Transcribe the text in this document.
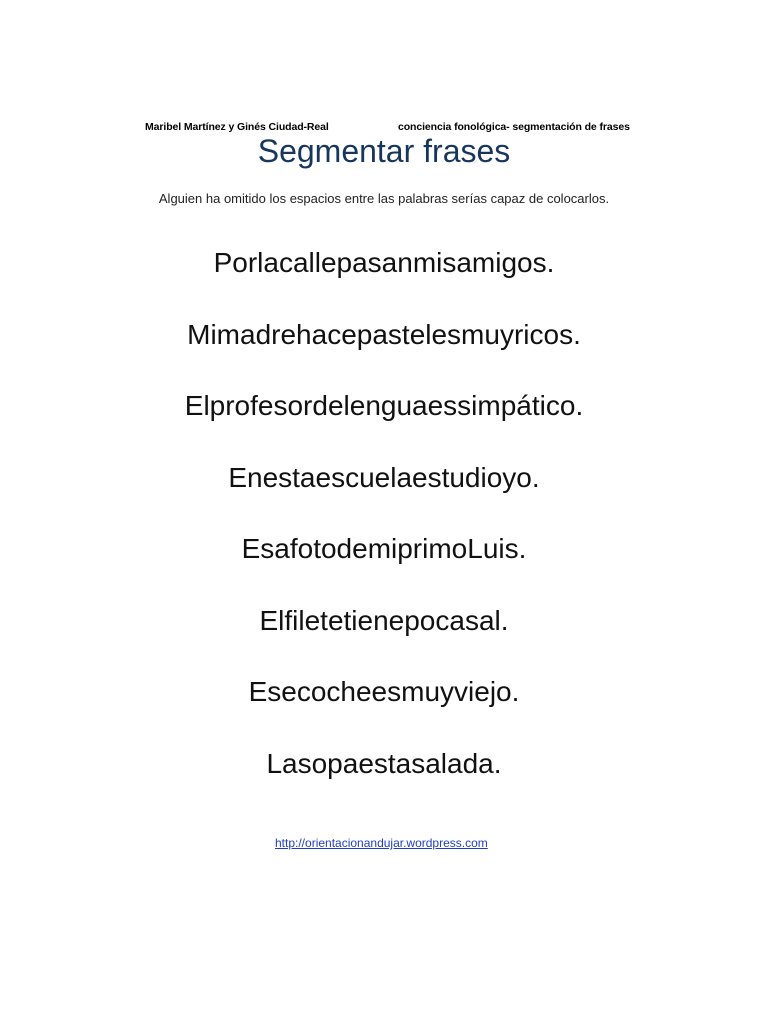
Maribel Martínez y Ginés Ciudad-Real	conciencia fonológica- segmentación de frases
Segmentar frases

Alguien ha omitido los espacios entre las palabras serías capaz de colocarlos.

Porlacallepasanmisamigos.
Mimadrehacepastelesmuyricos.
Elprofesordelenguaessimpático.
Enestaescuelaestudioyo.
EsafotodemiprimoLuis.
Elfiletetienepocasal.
Esecocheesmuyviejo.
Lasopaestasalada.
http://orientacionandujar.wordpress.com
